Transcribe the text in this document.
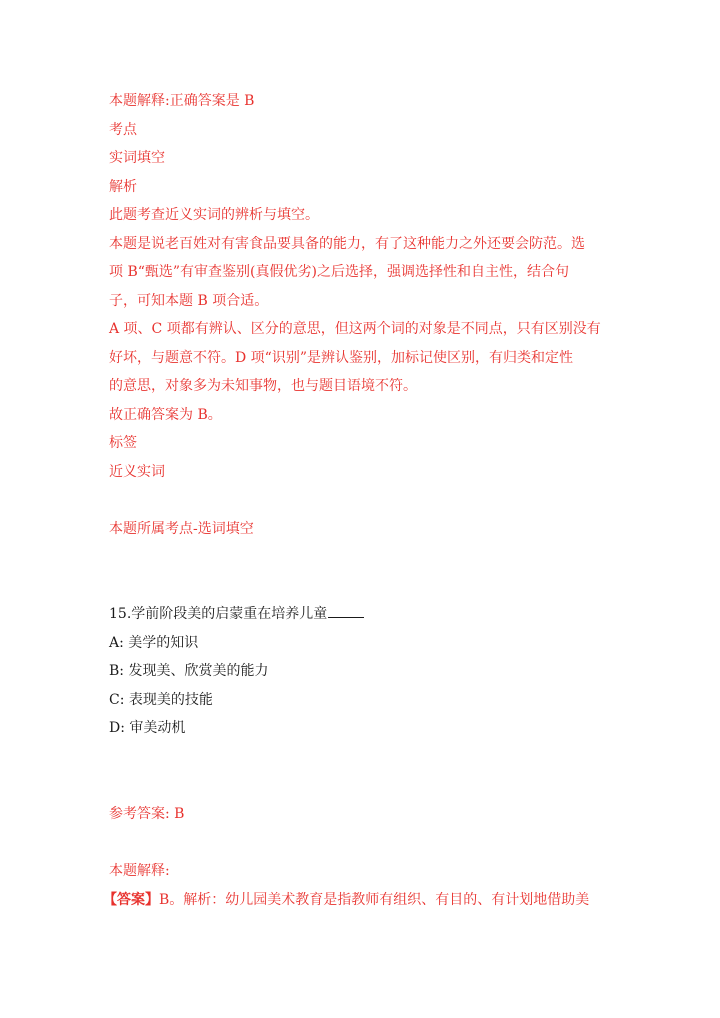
本题解释:正确答案是 B
考点
实词填空
解析
此题考查近义实词的辨析与填空。
本题是说老百姓对有害食品要具备的能力，有了这种能力之外还要会防范。选
项 B“甄选”有审查鉴别(真假优劣)之后选择，强调选择性和自主性，结合句
子，可知本题 B 项合适。
A 项、C 项都有辨认、区分的意思，但这两个词的对象是不同点，只有区别没有
好坏，与题意不符。D 项“识别”是辨认鉴别，加标记使区别，有归类和定性
的意思，对象多为未知事物，也与题目语境不符。
故正确答案为 B。
标签
近义实词
本题所属考点-选词填空
15.学前阶段美的启蒙重在培养儿童
A: 美学的知识
B: 发现美、欣赏美的能力
C: 表现美的技能
D: 审美动机
参考答案: B
本题解释:
【答案】B。解析：幼儿园美术教育是指教师有组织、有目的、有计划地借助美
